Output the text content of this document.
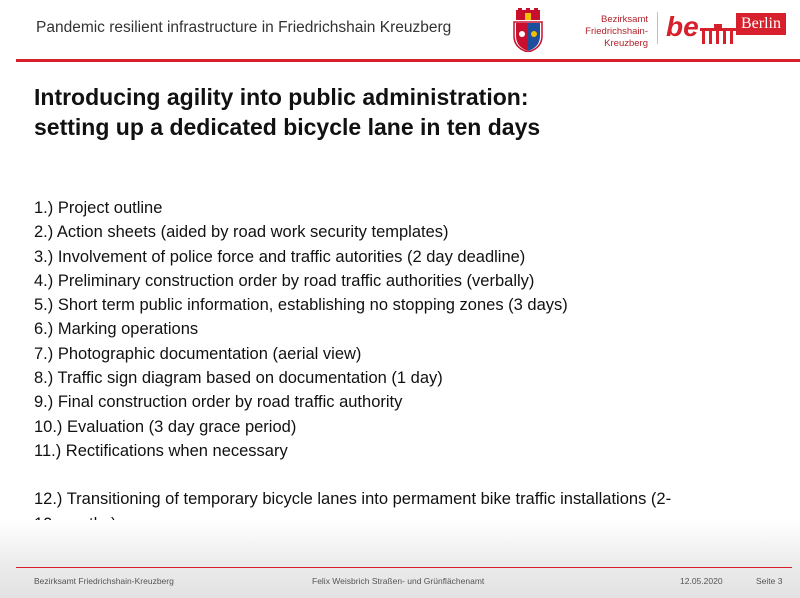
Pandemic resilient infrastructure in Friedrichshain Kreuzberg	Bezirksamt
Friedrichshain-Kreuzberg
be	Berlin
Introducing agility into public administration:
setting up a dedicated bicycle lane in ten days
1.) Project outline
2.) Action sheets (aided by road work security templates)
3.) Involvement of police force and traffic autorities (2 day deadline)
4.) Preliminary construction order by road traffic authorities (verbally)
5.) Short term public information, establishing no stopping zones (3 days)
6.) Marking operations
7.) Photographic documentation (aerial view)
8.) Traffic sign diagram based on documentation (1 day)
9.) Final construction order by road traffic authority
10.) Evaluation (3 day grace period)
11.) Rectifications when necessary
12.) Transitioning of temporary bicycle lanes into permament bike traffic installations (2-
Bezirksamt Friedrichshain-Kreuzberg	Felix Weisbrich Straßen- und Grünflächenamt	12.05.2020	Seite 3
